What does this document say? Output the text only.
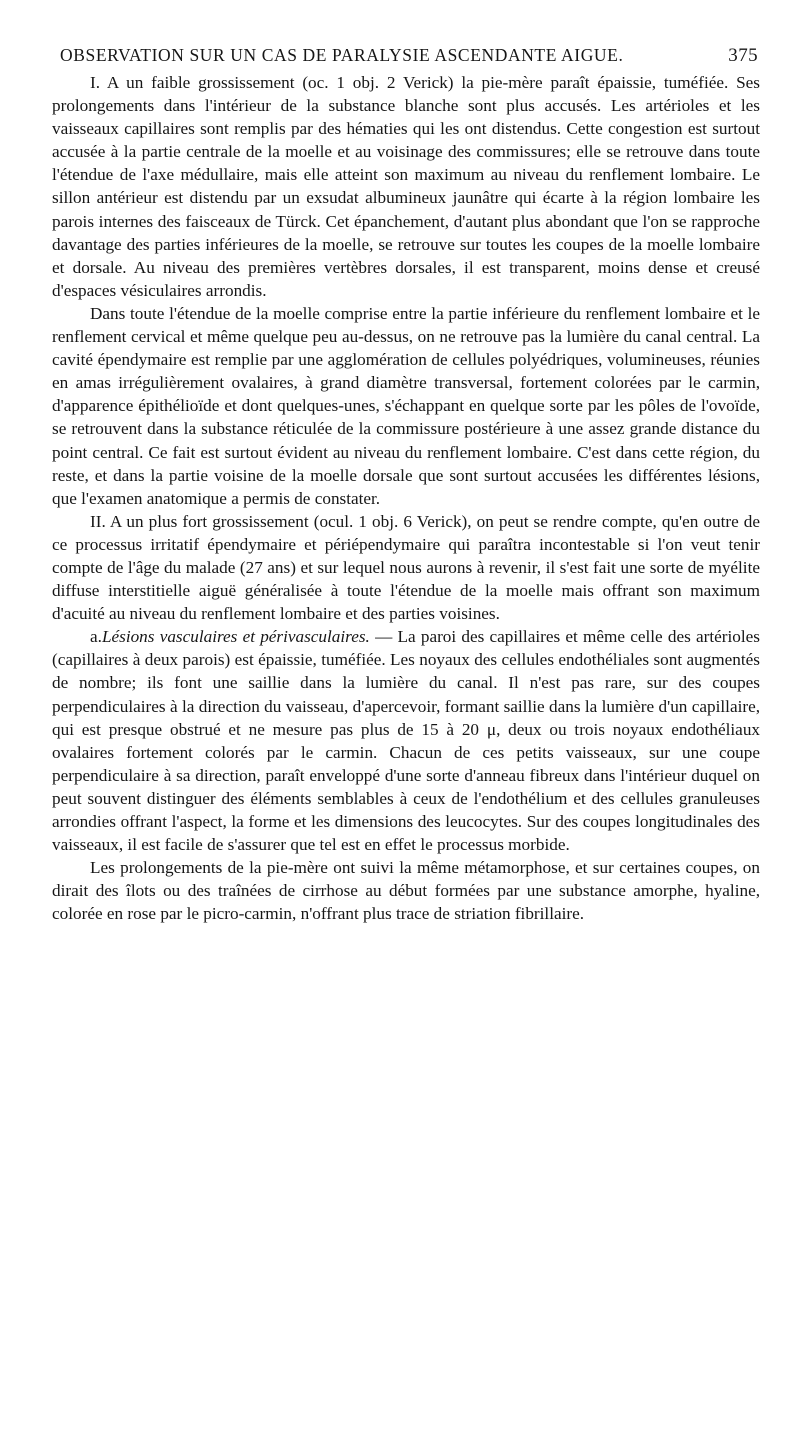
OBSERVATION SUR UN CAS DE PARALYSIE ASCENDANTE AIGUE.	375

I. A un faible grossissement (oc. 1 obj. 2 Verick) la pie-mère paraît épaissie, tuméfiée. Ses prolongements dans l'intérieur de la substance blanche sont plus accusés. Les artérioles et les vaisseaux capillaires sont remplis par des hématies qui les ont distendus. Cette congestion est surtout accusée à la partie centrale de la moelle et au voisinage des commissures; elle se retrouve dans toute l'étendue de l'axe médullaire, mais elle atteint son maximum au niveau du renflement lombaire. Le sillon antérieur est distendu par un exsudat albumineux jaunâtre qui écarte à la région lombaire les parois internes des faisceaux de Türck. Cet épanchement, d'autant plus abondant que l'on se rapproche davantage des parties inférieures de la moelle, se retrouve sur toutes les coupes de la moelle lombaire et dorsale. Au niveau des premières vertèbres dorsales, il est transparent, moins dense et creusé d'espaces vésiculaires arrondis.

Dans toute l'étendue de la moelle comprise entre la partie inférieure du renflement lombaire et le renflement cervical et même quelque peu au-dessus, on ne retrouve pas la lumière du canal central. La cavité épendymaire est remplie par une agglomération de cellules polyédriques, volumineuses, réunies en amas irrégulièrement ovalaires, à grand diamètre transversal, fortement colorées par le carmin, d'apparence épithélioïde et dont quelques-unes, s'échappant en quelque sorte par les pôles de l'ovoïde, se retrouvent dans la substance réticulée de la commissure postérieure à une assez grande distance du point central. Ce fait est surtout évident au niveau du renflement lombaire. C'est dans cette région, du reste, et dans la partie voisine de la moelle dorsale que sont surtout accusées les différentes lésions, que l'examen anatomique a permis de constater.

II. A un plus fort grossissement (ocul. 1 obj. 6 Verick), on peut se rendre compte, qu'en outre de ce processus irritatif épendymaire et périépendymaire qui paraîtra incontestable si l'on veut tenir compte de l'âge du malade (27 ans) et sur lequel nous aurons à revenir, il s'est fait une sorte de myélite diffuse interstitielle aiguë généralisée à toute l'étendue de la moelle mais offrant son maximum d'acuité au niveau du renflement lombaire et des parties voisines.

a.Lésions vasculaires et périvasculaires. — La paroi des capillaires et même celle des artérioles (capillaires à deux parois) est épaissie, tuméfiée. Les noyaux des cellules endothéliales sont augmentés de nombre; ils font une saillie dans la lumière du canal. Il n'est pas rare, sur des coupes perpendiculaires à la direction du vaisseau, d'apercevoir, formant saillie dans la lumière d'un capillaire, qui est presque obstrué et ne mesure pas plus de 15 à 20 μ, deux ou trois noyaux endothéliaux ovalaires fortement colorés par le carmin. Chacun de ces petits vaisseaux, sur une coupe perpendiculaire à sa direction, paraît enveloppé d'une sorte d'anneau fibreux dans l'intérieur duquel on peut souvent distinguer des éléments semblables à ceux de l'endothélium et des cellules granuleuses arrondies offrant l'aspect, la forme et les dimensions des leucocytes. Sur des coupes longitudinales des vaisseaux, il est facile de s'assurer que tel est en effet le processus morbide.

Les prolongements de la pie-mère ont suivi la même métamorphose, et sur certaines coupes, on dirait des îlots ou des traînées de cirrhose au début formées par une substance amorphe, hyaline, colorée en rose par le picro-carmin, n'offrant plus trace de striation fibrillaire.
